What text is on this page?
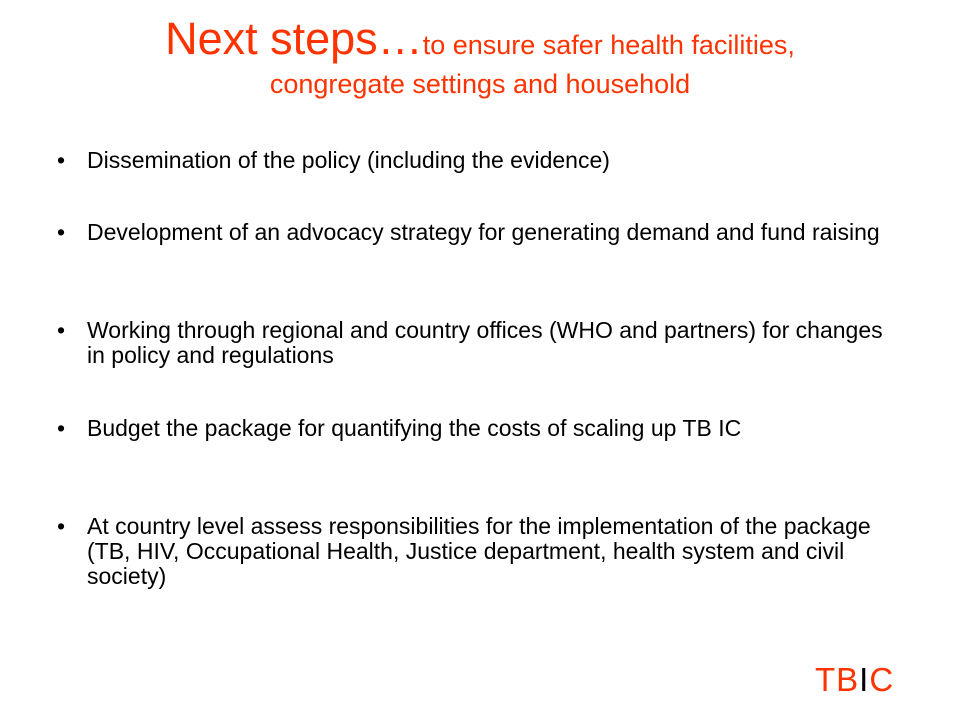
Next steps…to ensure safer health facilities,
congregate settings and household
• Dissemination of the policy (including the evidence)
• Development of an advocacy strategy for generating demand and fund raising
• Working through regional and country offices (WHO and partners) for changes in policy and regulations
• Budget the package for quantifying the costs of scaling up TB IC
• At country level assess responsibilities for the implementation of the package (TB, HIV, Occupational Health, Justice department, health system and civil society)
TBIC
